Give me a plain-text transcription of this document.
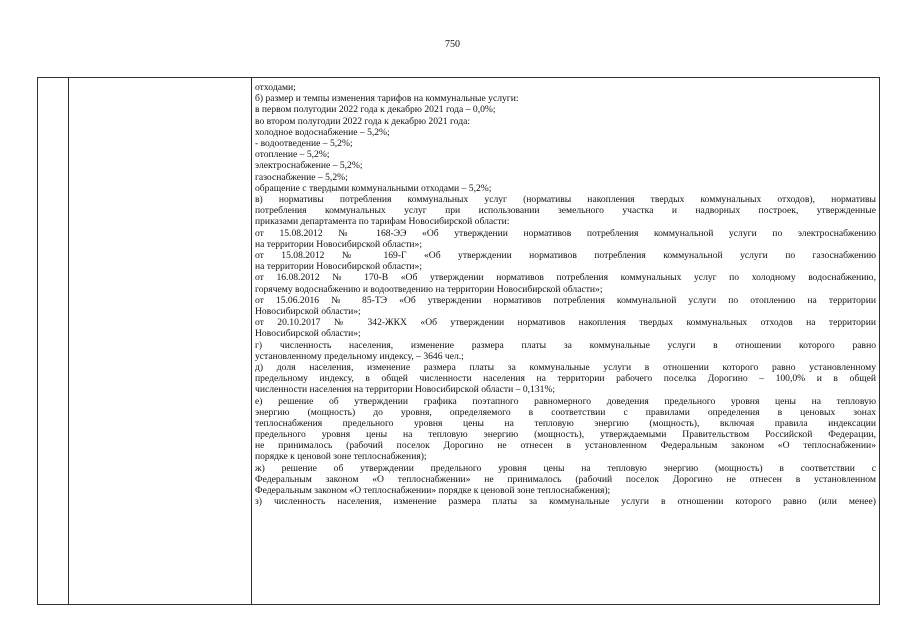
750
отходами;
б) размер и темпы изменения тарифов на коммунальные услуги:
в первом полугодии 2022 года к декабрю 2021 года – 0,0%;
во втором полугодии 2022 года к декабрю 2021 года:
холодное водоснабжение – 5,2%;
- водоотведение – 5,2%;
отопление – 5,2%;
электроснабжение – 5,2%;
газоснабжение – 5,2%;
обращение с твердыми коммунальными отходами – 5,2%;
в) нормативы потребления коммунальных услуг (нормативы накопления твердых коммунальных отходов), нормативы
потребления коммунальных услуг при использовании земельного участка и надворных построек, утвержденные
приказами департамента по тарифам Новосибирской области:
от 15.08.2012 № 168-ЭЭ «Об утверждении нормативов потребления коммунальной услуги по электроснабжению
на территории Новосибирской области»;
от 15.08.2012 № 169-Г «Об утверждении нормативов потребления коммунальной услуги по газоснабжению
на территории Новосибирской области»;
от 16.08.2012 № 170-В «Об утверждении нормативов потребления коммунальных услуг по холодному водоснабжению,
горячему водоснабжению и водоотведению на территории Новосибирской области»;
от 15.06.2016 № 85-ТЭ «Об утверждении нормативов потребления коммунальной услуги по отоплению на территории
Новосибирской области»;
от 20.10.2017 № 342-ЖКХ «Об утверждении нормативов накопления твердых коммунальных отходов на территории
Новосибирской области»;
г) численность населения, изменение размера платы за коммунальные услуги в отношении которого равно
установленному предельному индексу, – 3646 чел.;
д) доля населения, изменение размера платы за коммунальные услуги в отношении которого равно установленному
предельному индексу, в общей численности населения на территории рабочего поселка Дорогино – 100,0% и в общей
численности населения на территории Новосибирской области – 0,131%;
е) решение об утверждении графика поэтапного равномерного доведения предельного уровня цены на тепловую
энергию (мощность) до уровня, определяемого в соответствии с правилами определения в ценовых зонах
теплоснабжения предельного уровня цены на тепловую энергию (мощность), включая правила индексации
предельного уровня цены на тепловую энергию (мощность), утверждаемыми Правительством Российской Федерации,
не принималось (рабочий поселок Дорогино не отнесен в установленном Федеральным законом «О теплоснабжении»
порядке к ценовой зоне теплоснабжения);
ж) решение об утверждении предельного уровня цены на тепловую энергию (мощность) в соответствии с
Федеральным законом «О теплоснабжении» не принималось (рабочий поселок Дорогино не отнесен в установленном
Федеральным законом «О теплоснабжении» порядке к ценовой зоне теплоснабжения);
з) численность населения, изменение размера платы за коммунальные услуги в отношении которого равно (или менее)
